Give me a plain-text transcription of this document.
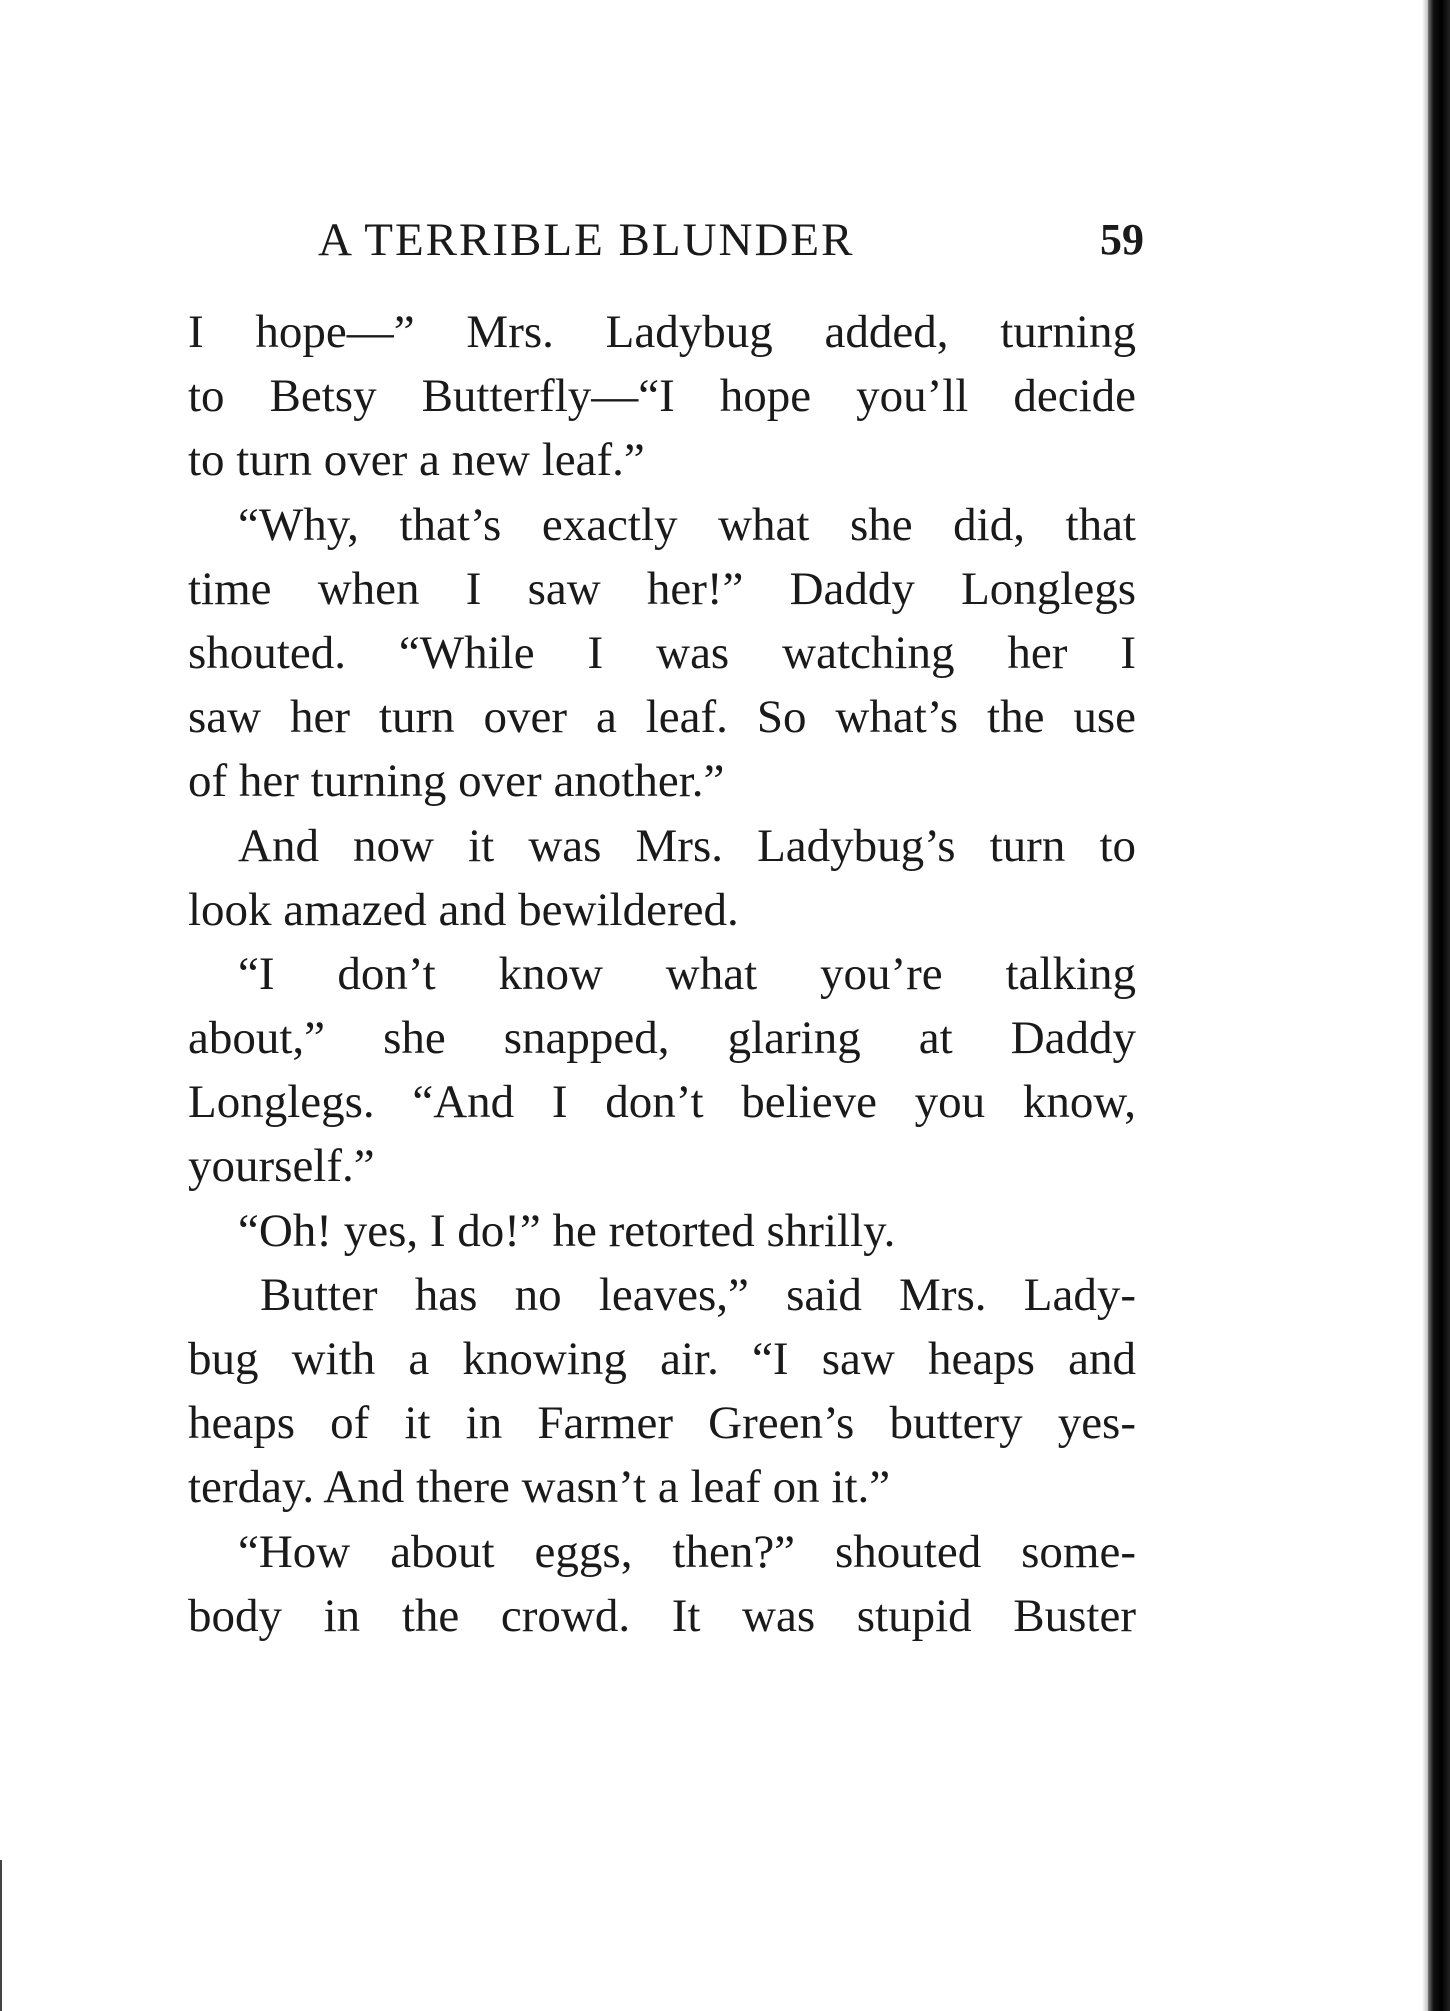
A TERRIBLE BLUNDER	59
I hope—” Mrs. Ladybug added, turning
to Betsy Butterfly—“I hope you’ll decide
to turn over a new leaf.”
“Why, that’s exactly what she did, that
time when I saw her!” Daddy Longlegs
shouted. “While I was watching her I
saw her turn over a leaf. So what’s the use
of her turning over another.”
And now it was Mrs. Ladybug’s turn to
look amazed and bewildered.
“I don’t know what you’re talking
about,” she snapped, glaring at Daddy
Longlegs. “And I don’t believe you know,
yourself.”
“Oh! yes, I do!” he retorted shrilly.
Butter has no leaves,” said Mrs. Lady-
bug with a knowing air. “I saw heaps and
heaps of it in Farmer Green’s buttery yes-
terday. And there wasn’t a leaf on it.”
“How about eggs, then?” shouted some-
body in the crowd. It was stupid Buster
